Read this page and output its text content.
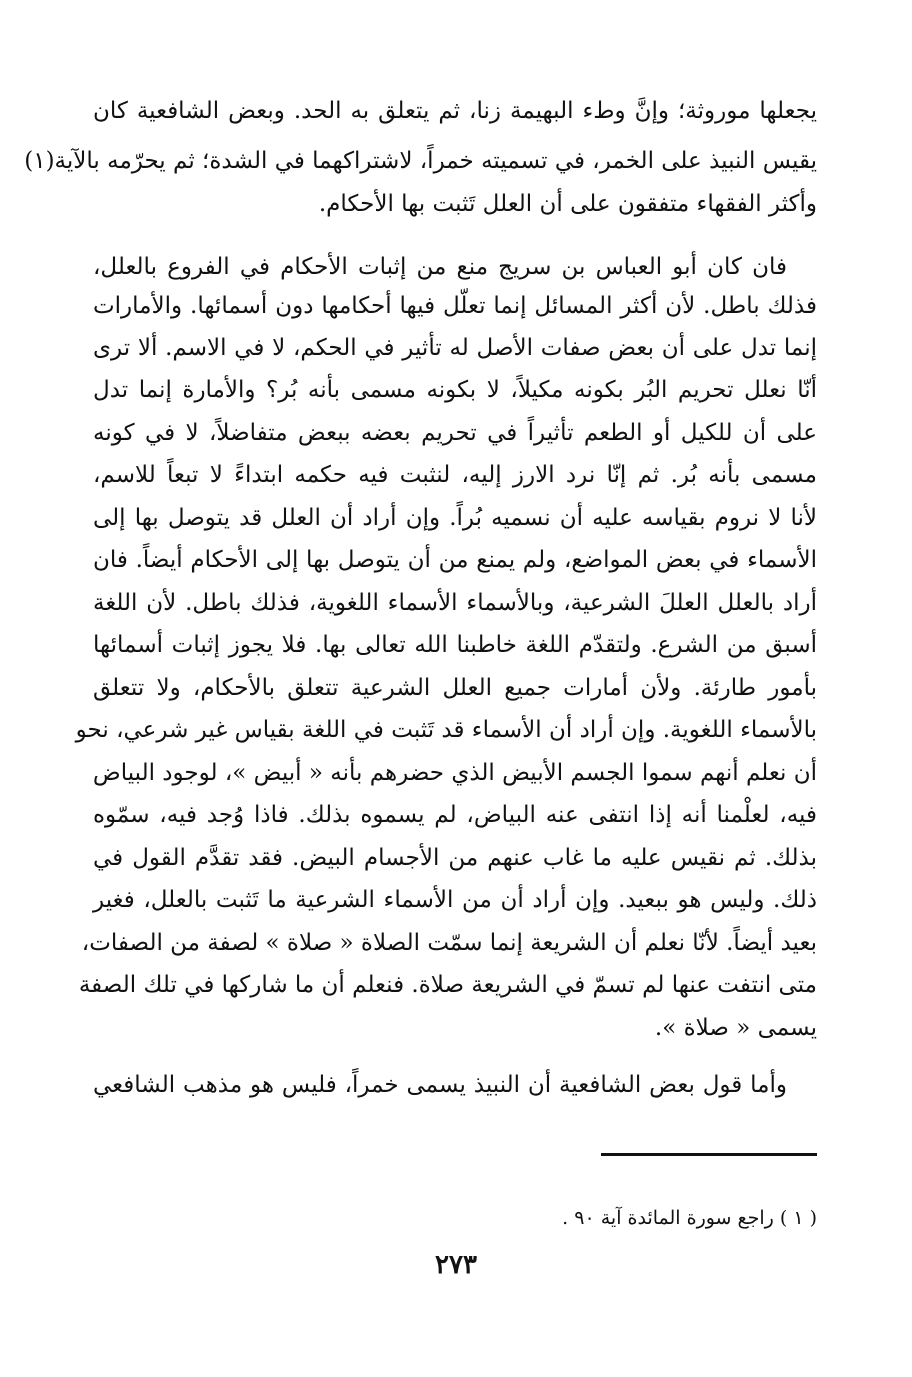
يجعلها موروثة؛ وإنَّ وطء البهيمة زنا، ثم يتعلق به الحد. وبعض الشافعية كان
يقيس النبيذ على الخمر، في تسميته خمراً، لاشتراكهما في الشدة؛ ثم يحرّمه بالآية(١)
وأكثر الفقهاء متفقون على أن العلل تَثبت بها الأحكام.
فان كان أبو العباس بن سريج منع من إثبات الأحكام في الفروع بالعلل،
فذلك باطل. لأن أكثر المسائل إنما تعلّل فيها أحكامها دون أسمائها. والأمارات
إنما تدل على أن بعض صفات الأصل له تأثير في الحكم، لا في الاسم. ألا ترى
أنّا نعلل تحريم البُر بكونه مكيلاً، لا بكونه مسمى بأنه بُر؟ والأمارة إنما تدل
على أن للكيل أو الطعم تأثيراً في تحريم بعضه ببعض متفاضلاً، لا في كونه
مسمى بأنه بُر. ثم إنّا نرد الارز إليه، لنثبت فيه حكمه ابتداءً لا تبعاً للاسم،
لأنا لا نروم بقياسه عليه أن نسميه بُراً. وإن أراد أن العلل قد يتوصل بها إلى
الأسماء في بعض المواضع، ولم يمنع من أن يتوصل بها إلى الأحكام أيضاً. فان
أراد بالعلل العللَ الشرعية، وبالأسماء الأسماء اللغوية، فذلك باطل. لأن اللغة
أسبق من الشرع. ولتقدّم اللغة خاطبنا الله تعالى بها. فلا يجوز إثبات أسمائها
بأمور طارئة. ولأن أمارات جميع العلل الشرعية تتعلق بالأحكام، ولا تتعلق
بالأسماء اللغوية. وإن أراد أن الأسماء قد تَثبت في اللغة بقياس غير شرعي، نحو
أن نعلم أنهم سموا الجسم الأبيض الذي حضرهم بأنه « أبيض »، لوجود البياض
فيه، لعلْمنا أنه إذا انتفى عنه البياض، لم يسموه بذلك. فاذا وُجد فيه، سمّوه
بذلك. ثم نقيس عليه ما غاب عنهم من الأجسام البيض. فقد تقدَّم القول في
ذلك. وليس هو ببعيد. وإن أراد أن من الأسماء الشرعية ما تَثبت بالعلل، فغير
بعيد أيضاً. لأنّا نعلم أن الشريعة إنما سمّت الصلاة « صلاة » لصفة من الصفات،
متى انتفت عنها لم تسمّ في الشريعة صلاة. فنعلم أن ما شاركها في تلك الصفة
يسمى « صلاة ».
وأما قول بعض الشافعية أن النبيذ يسمى خمراً، فليس هو مذهب الشافعي
( ١ ) راجع سورة المائدة آية ٩٠ .
٢٧٣
